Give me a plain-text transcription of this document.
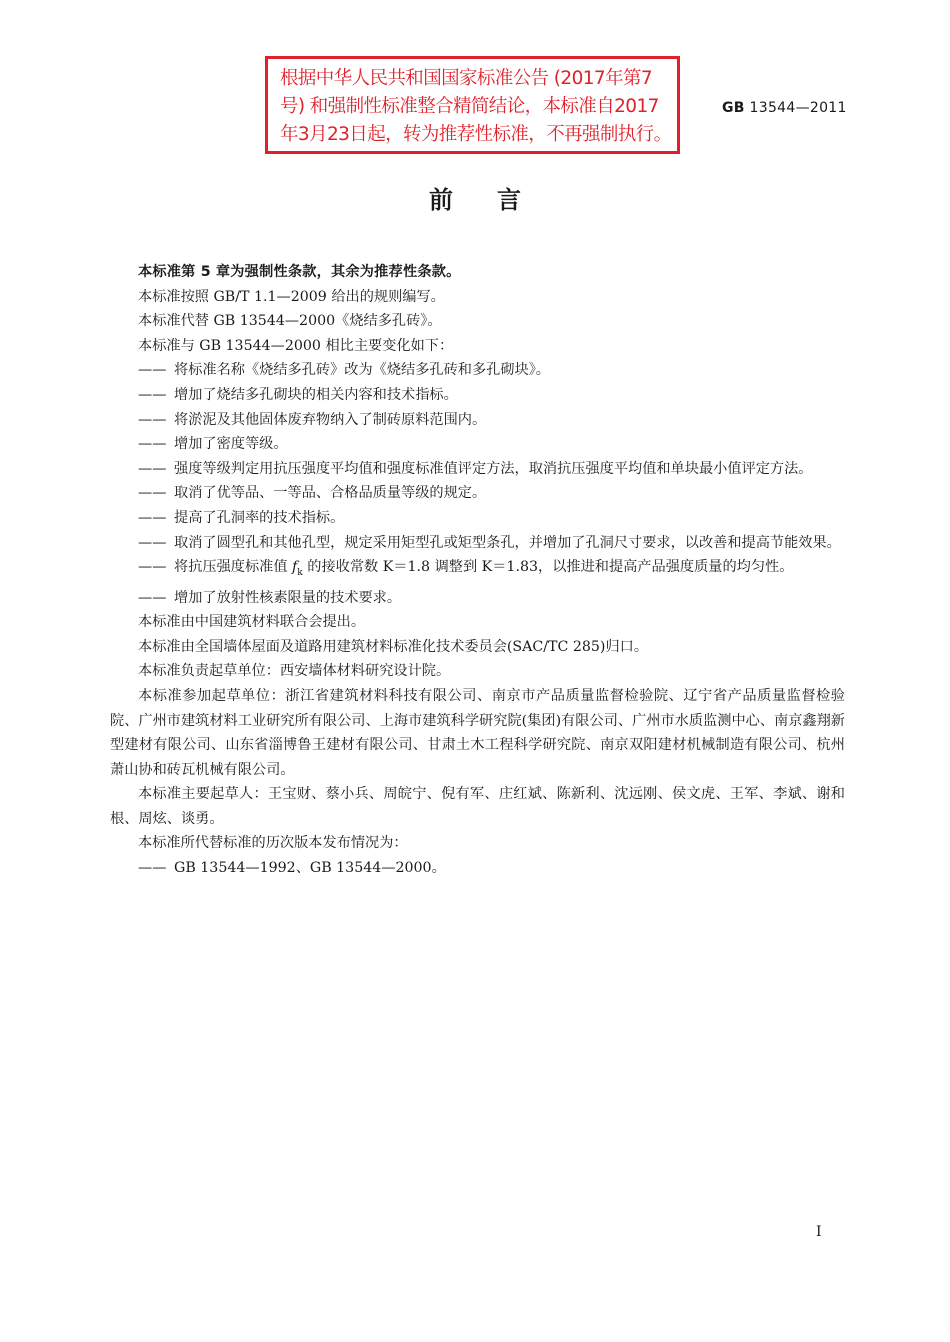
根据中华人民共和国国家标准公告 (2017年第7
号) 和强制性标准整合精简结论，本标准自2017
年3月23日起，转为推荐性标准，不再强制执行。
GB 13544—2011
前言
本标准第 5 章为强制性条款，其余为推荐性条款。
本标准按照 GB/T 1.1—2009 给出的规则编写。
本标准代替 GB 13544—2000《烧结多孔砖》。
本标准与 GB 13544—2000 相比主要变化如下：
—— 将标准名称《烧结多孔砖》改为《烧结多孔砖和多孔砌块》。
—— 增加了烧结多孔砌块的相关内容和技术指标。
—— 将淤泥及其他固体废弃物纳入了制砖原料范围内。
—— 增加了密度等级。
—— 强度等级判定用抗压强度平均值和强度标准值评定方法，取消抗压强度平均值和单块最小值评定方法。
—— 取消了优等品、一等品、合格品质量等级的规定。
—— 提高了孔洞率的技术指标。
—— 取消了圆型孔和其他孔型，规定采用矩型孔或矩型条孔，并增加了孔洞尺寸要求，以改善和提高节能效果。
—— 将抗压强度标准值 $f_k$ 的接收常数 K＝1.8 调整到 K＝1.83，以推进和提高产品强度质量的均匀性。
—— 增加了放射性核素限量的技术要求。
本标准由中国建筑材料联合会提出。
本标准由全国墙体屋面及道路用建筑材料标准化技术委员会(SAC/TC 285)归口。
本标准负责起草单位：西安墙体材料研究设计院。
本标准参加起草单位：浙江省建筑材料科技有限公司、南京市产品质量监督检验院、辽宁省产品质量监督检验院、广州市建筑材料工业研究所有限公司、上海市建筑科学研究院(集团)有限公司、广州市水质监测中心、南京鑫翔新型建材有限公司、山东省淄博鲁王建材有限公司、甘肃土木工程科学研究院、南京双阳建材机械制造有限公司、杭州萧山协和砖瓦机械有限公司。
本标准主要起草人：王宝财、蔡小兵、周皖宁、倪有军、庄红斌、陈新利、沈远刚、侯文虎、王军、李斌、谢和根、周炫、谈勇。
本标准所代替标准的历次版本发布情况为：
—— GB 13544—1992、GB 13544—2000。
I
